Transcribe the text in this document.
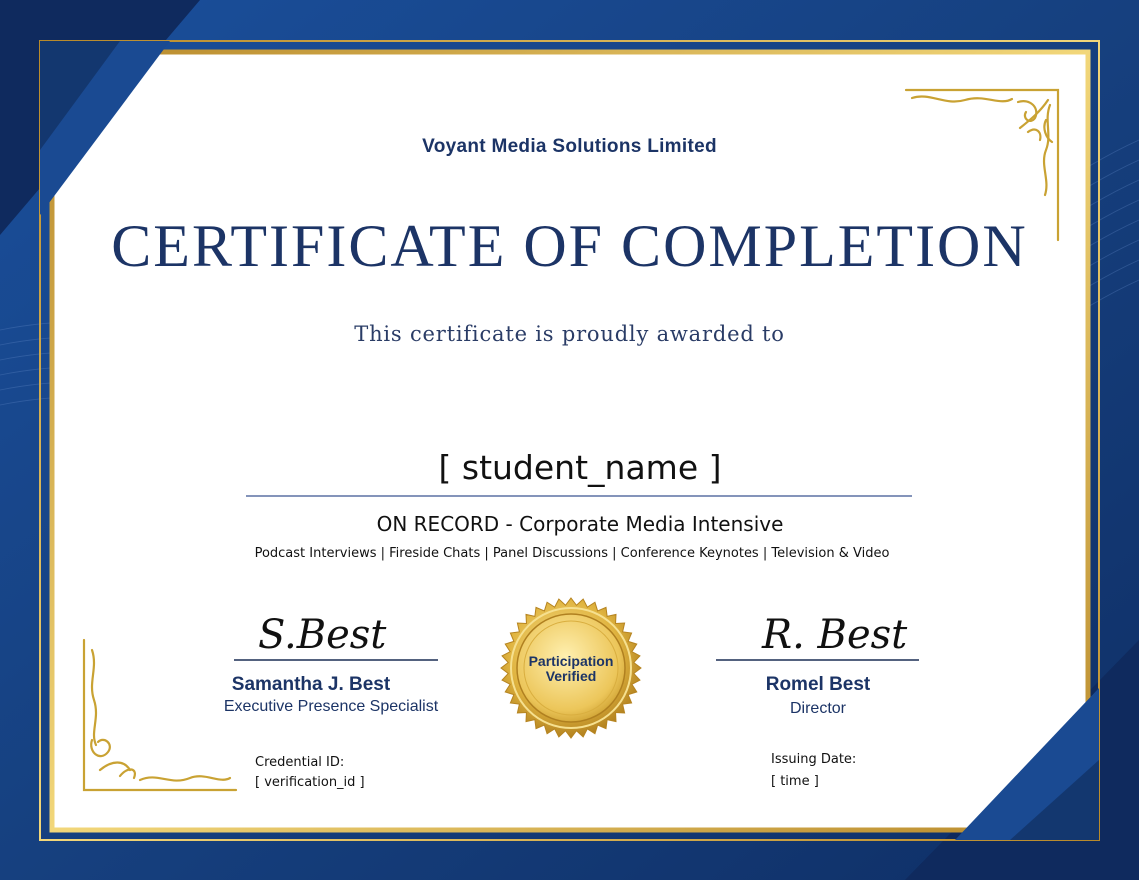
Voyant Media Solutions Limited
CERTIFICATE OF COMPLETION
This certificate is proudly awarded to
[ student_name ]
ON RECORD - Corporate Media Intensive
Podcast Interviews | Fireside Chats | Panel Discussions | Conference Keynotes | Television & Video
S.Best
Samantha J. Best
Executive Presence Specialist
R. Best
Romel Best
Director
Participation
Verified
Credential ID:
[ verification_id ]
Issuing Date:
[ time ]
